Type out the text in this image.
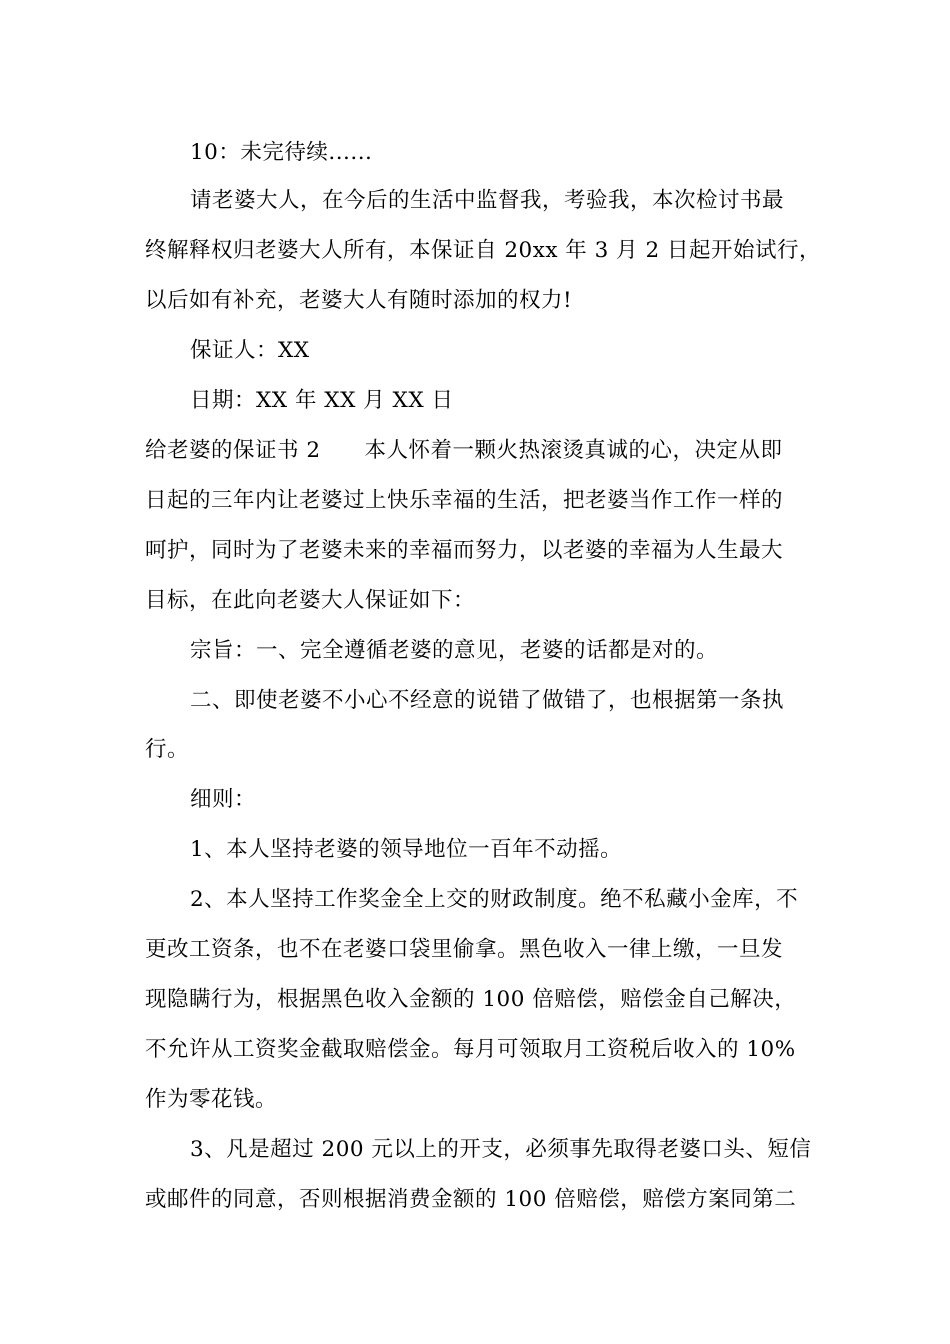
10：未完待续......
请老婆大人，在今后的生活中监督我，考验我，本次检讨书最
终解释权归老婆大人所有，本保证自 20xx 年 3 月 2 日起开始试行，
以后如有补充，老婆大人有随时添加的权力!
保证人：XX
日期：XX 年 XX 月 XX 日
给老婆的保证书 2　　本人怀着一颗火热滚烫真诚的心，决定从即
日起的三年内让老婆过上快乐幸福的生活，把老婆当作工作一样的
呵护，同时为了老婆未来的幸福而努力，以老婆的幸福为人生最大
目标，在此向老婆大人保证如下：
宗旨：一、完全遵循老婆的意见，老婆的话都是对的。
二、即使老婆不小心不经意的说错了做错了，也根据第一条执
行。
细则：
1、本人坚持老婆的领导地位一百年不动摇。
2、本人坚持工作奖金全上交的财政制度。绝不私藏小金库，不
更改工资条，也不在老婆口袋里偷拿。黑色收入一律上缴，一旦发
现隐瞒行为，根据黑色收入金额的 100 倍赔偿，赔偿金自己解决，
不允许从工资奖金截取赔偿金。每月可领取月工资税后收入的 10%
作为零花钱。
3、凡是超过 200 元以上的开支，必须事先取得老婆口头、短信
或邮件的同意，否则根据消费金额的 100 倍赔偿，赔偿方案同第二
